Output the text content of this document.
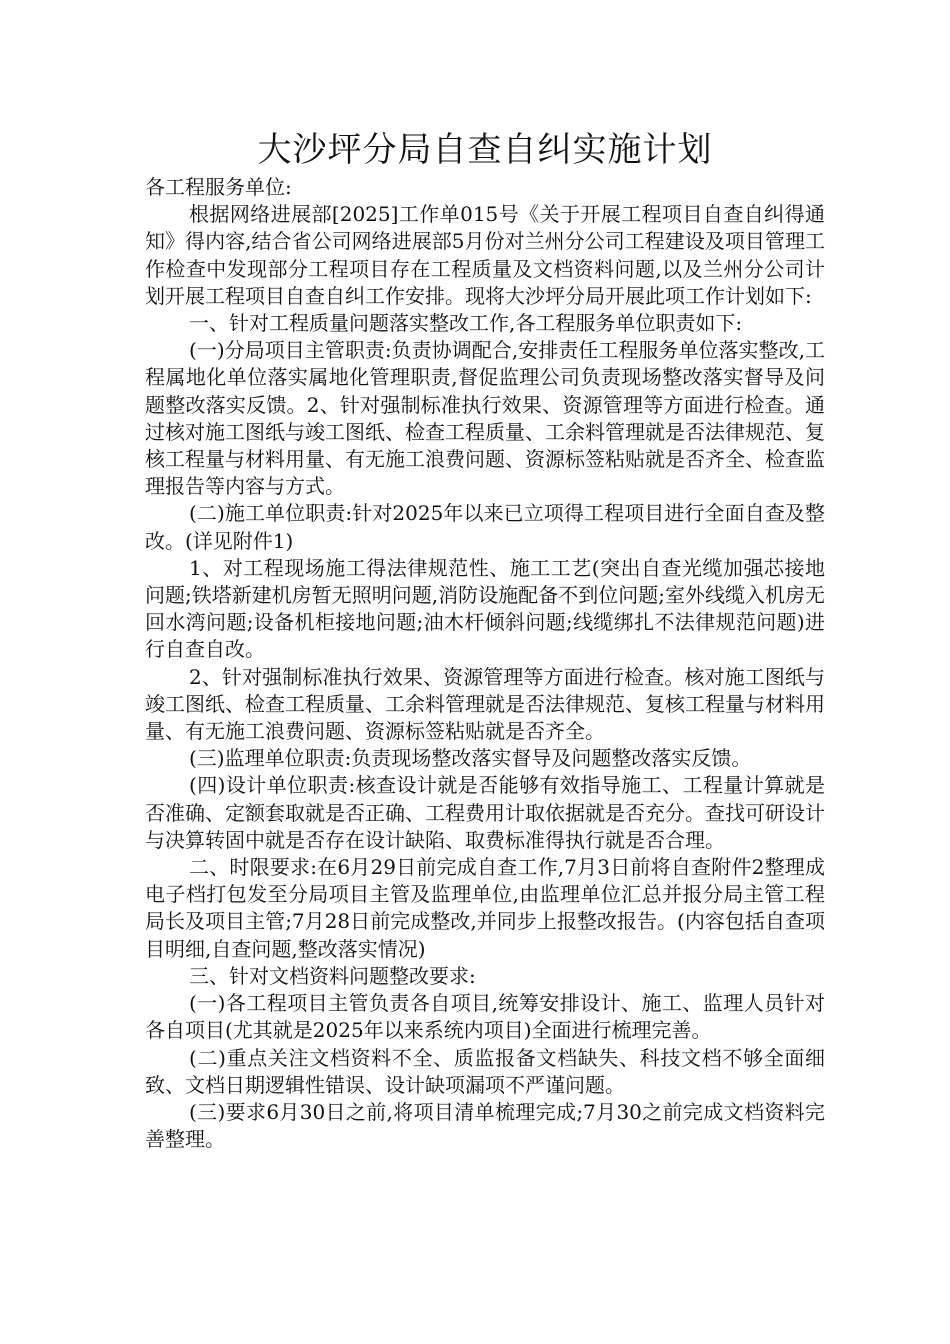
大沙坪分局自查自纠实施计划

各工程服务单位:

根据网络进展部[2025]工作单015号《关于开展工程项目自查自纠得通知》得内容,结合省公司网络进展部5月份对兰州分公司工程建设及项目管理工作检查中发现部分工程项目存在工程质量及文档资料问题,以及兰州分公司计划开展工程项目自查自纠工作安排。现将大沙坪分局开展此项工作计划如下:

一、针对工程质量问题落实整改工作,各工程服务单位职责如下:

(一)分局项目主管职责:负责协调配合,安排责任工程服务单位落实整改,工程属地化单位落实属地化管理职责,督促监理公司负责现场整改落实督导及问题整改落实反馈。2、针对强制标准执行效果、资源管理等方面进行检查。通过核对施工图纸与竣工图纸、检查工程质量、工余料管理就是否法律规范、复核工程量与材料用量、有无施工浪费问题、资源标签粘贴就是否齐全、检查监理报告等内容与方式。

(二)施工单位职责:针对2025年以来已立项得工程项目进行全面自查及整改。(详见附件1)

1、对工程现场施工得法律规范性、施工工艺(突出自查光缆加强芯接地问题;铁塔新建机房暂无照明问题,消防设施配备不到位问题;室外线缆入机房无回水湾问题;设备机柜接地问题;油木杆倾斜问题;线缆绑扎不法律规范问题)进行自查自改。

2、针对强制标准执行效果、资源管理等方面进行检查。核对施工图纸与竣工图纸、检查工程质量、工余料管理就是否法律规范、复核工程量与材料用量、有无施工浪费问题、资源标签粘贴就是否齐全。

(三)监理单位职责:负责现场整改落实督导及问题整改落实反馈。

(四)设计单位职责:核查设计就是否能够有效指导施工、工程量计算就是否准确、定额套取就是否正确、工程费用计取依据就是否充分。查找可研设计与决算转固中就是否存在设计缺陷、取费标准得执行就是否合理。

二、时限要求:在6月29日前完成自查工作,7月3日前将自查附件2整理成电子档打包发至分局项目主管及监理单位,由监理单位汇总并报分局主管工程局长及项目主管;7月28日前完成整改,并同步上报整改报告。(内容包括自查项目明细,自查问题,整改落实情况)

三、针对文档资料问题整改要求:

(一)各工程项目主管负责各自项目,统筹安排设计、施工、监理人员针对各自项目(尤其就是2025年以来系统内项目)全面进行梳理完善。

(二)重点关注文档资料不全、质监报备文档缺失、科技文档不够全面细致、文档日期逻辑性错误、设计缺项漏项不严谨问题。

(三)要求6月30日之前,将项目清单梳理完成;7月30之前完成文档资料完善整理。
